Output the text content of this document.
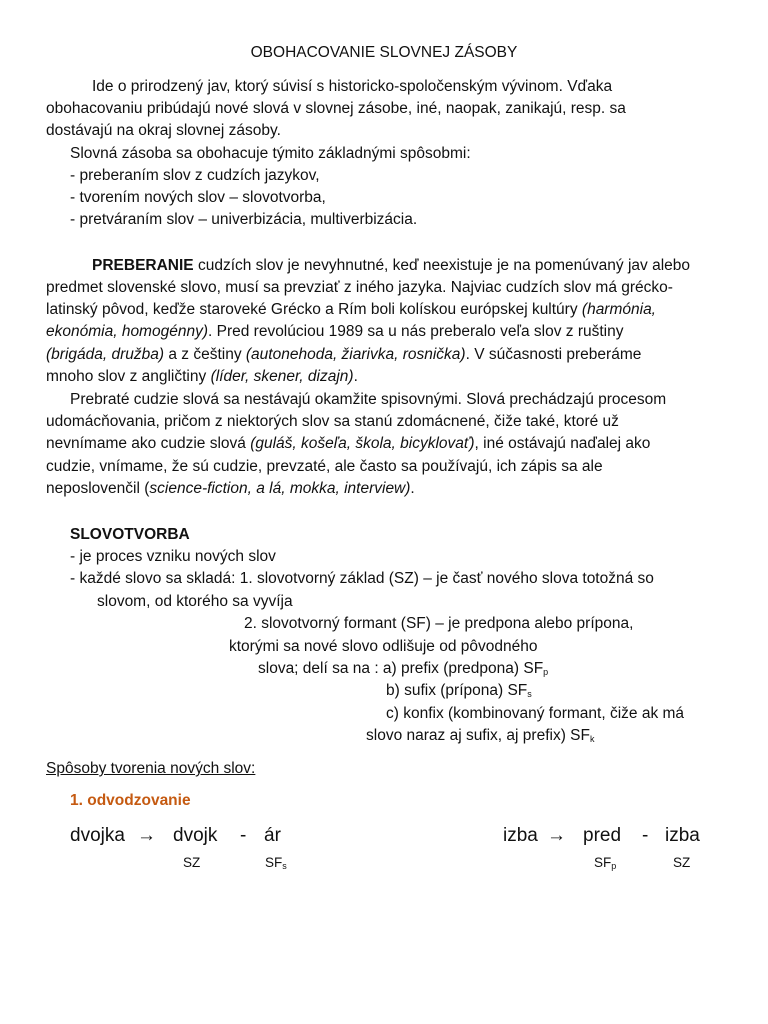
OBOHACOVANIE SLOVNEJ ZÁSOBY
Ide o prirodzený jav, ktorý súvisí s historicko-spoločenským vývinom. Vďaka
obohacovaniu pribúdajú nové slová v slovnej zásobe, iné, naopak, zanikajú, resp. sa
dostávajú na okraj slovnej zásoby.
Slovná zásoba sa obohacuje týmito základnými spôsobmi:
- preberaním slov z cudzích jazykov,
- tvorením nových slov – slovotvorba,
- pretváraním slov – univerbizácia, multiverbizácia.
PREBERANIE cudzích slov je nevyhnutné, keď neexistuje je na pomenúvaný jav alebo
predmet slovenské slovo, musí sa prevziať z iného jazyka. Najviac cudzích slov má grécko-
latinský pôvod, keďže staroveké Grécko a Rím boli kolískou európskej kultúry (harmónia,
ekonómia, homogénny). Pred revolúciou 1989 sa u nás preberalo veľa slov z ruštiny
(brigáda, družba) a z češtiny (autonehoda, žiarivka, rosnička). V súčasnosti preberáme
mnoho slov z angličtiny (líder, skener, dizajn).
Prebraté cudzie slová sa nestávajú okamžite spisovnými. Slová prechádzajú procesom
udomácňovania, pričom z niektorých slov sa stanú zdomácnené, čiže také, ktoré už
nevnímame ako cudzie slová (guláš, košeľa, škola, bicyklovať), iné ostávajú naďalej ako
cudzie, vnímame, že sú cudzie, prevzaté, ale často sa používajú, ich zápis sa ale
neposlovenčil (science-fiction, a lá, mokka, interview).
SLOVOTVORBA
- je proces vzniku nových slov
- každé slovo sa skladá: 1. slovotvorný základ (SZ) – je časť nového slova totožná so
slovom, od ktorého sa vyvíja
2. slovotvorný formant (SF) – je predpona alebo prípona,
ktorými sa nové slovo odlišuje od pôvodného
slova; delí sa na : a) prefix (predpona) $SF_p$
b) sufix (prípona) $SF_s$
c) konfix (kombinovaný formant, čiže ak má
slovo naraz aj sufix, aj prefix) $SF_k$
Spôsoby tvorenia nových slov:
1. odvodzovanie
dvojka → dvojk - ár
SZ	$SF_s$
izba → pred - izba
$SF_p$	SZ
